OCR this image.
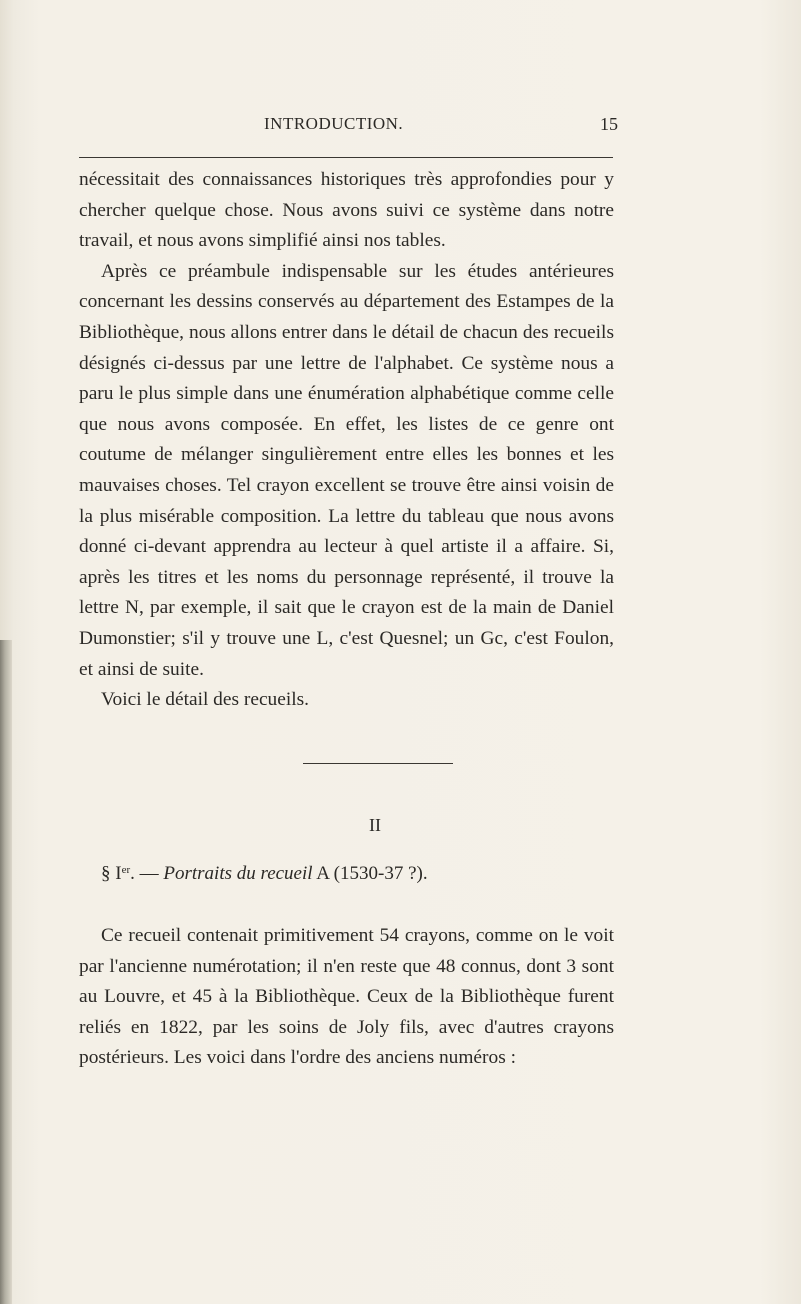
INTRODUCTION.	15

nécessitait des connaissances historiques très approfondies pour y chercher quelque chose. Nous avons suivi ce système dans notre travail, et nous avons simplifié ainsi nos tables.

Après ce préambule indispensable sur les études antérieures concernant les dessins conservés au département des Estampes de la Bibliothèque, nous allons entrer dans le détail de chacun des recueils désignés ci-dessus par une lettre de l'alphabet. Ce système nous a paru le plus simple dans une énumération alphabétique comme celle que nous avons composée. En effet, les listes de ce genre ont coutume de mélanger singulièrement entre elles les bonnes et les mauvaises choses. Tel crayon excellent se trouve être ainsi voisin de la plus misérable composition. La lettre du tableau que nous avons donné ci-devant apprendra au lecteur à quel artiste il a affaire. Si, après les titres et les noms du personnage représenté, il trouve la lettre N, par exemple, il sait que le crayon est de la main de Daniel Dumonstier; s'il y trouve une L, c'est Quesnel; un Gc, c'est Foulon, et ainsi de suite.

Voici le détail des recueils.

II
§ Ier. — Portraits du recueil A (1530-37 ?).

Ce recueil contenait primitivement 54 crayons, comme on le voit par l'ancienne numérotation; il n'en reste que 48 connus, dont 3 sont au Louvre, et 45 à la Bibliothèque. Ceux de la Bibliothèque furent reliés en 1822, par les soins de Joly fils, avec d'autres crayons postérieurs. Les voici dans l'ordre des anciens numéros :
